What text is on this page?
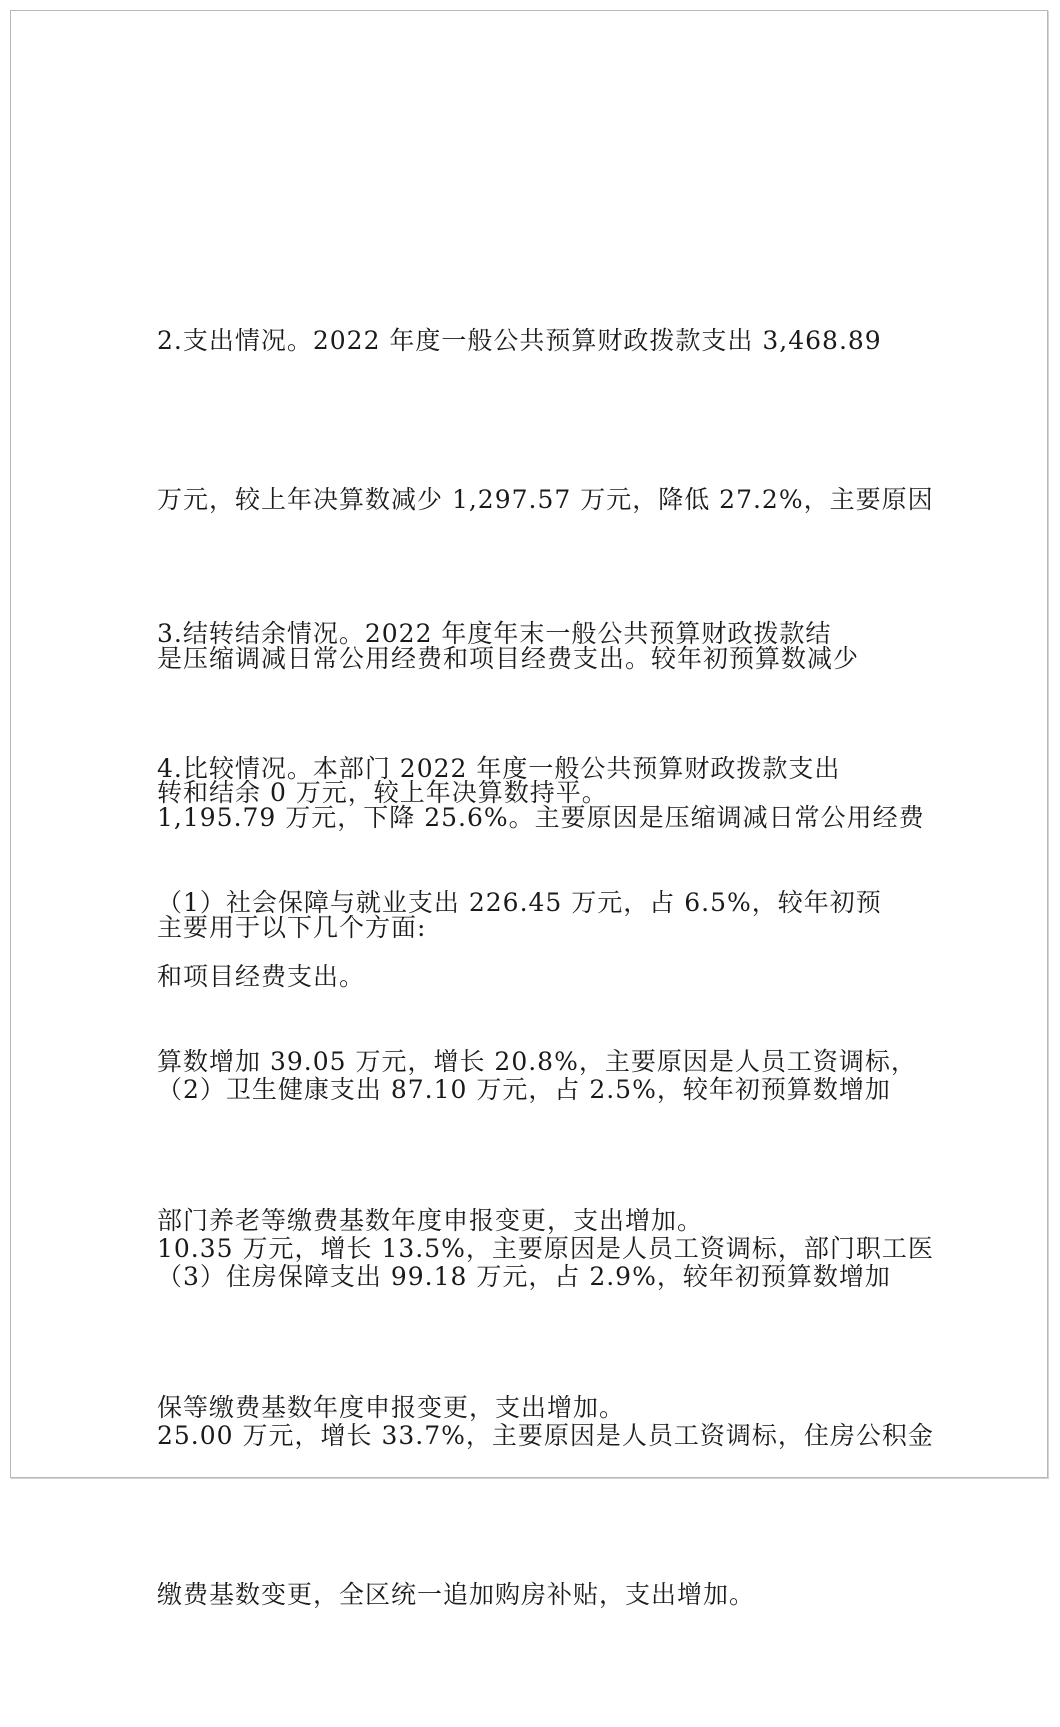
2.支出情况。2022 年度一般公共预算财政拨款支出 3,468.89

万元，较上年决算数减少 1,297.57 万元，降低 27.2%，主要原因

是压缩调减日常公用经费和项目经费支出。较年初预算数减少

1,195.79 万元，下降 25.6%。主要原因是压缩调减日常公用经费

和项目经费支出。

3.结转结余情况。2022 年度年末一般公共预算财政拨款结

转和结余 0 万元，较上年决算数持平。

4.比较情况。本部门 2022 年度一般公共预算财政拨款支出

主要用于以下几个方面:

（1）社会保障与就业支出 226.45 万元，占 6.5%，较年初预

算数增加 39.05 万元，增长 20.8%，主要原因是人员工资调标，

部门养老等缴费基数年度申报变更，支出增加。

（2）卫生健康支出 87.10 万元，占 2.5%，较年初预算数增加

10.35 万元，增长 13.5%，主要原因是人员工资调标，部门职工医

保等缴费基数年度申报变更，支出增加。

（3）住房保障支出 99.18 万元，占 2.9%，较年初预算数增加

25.00 万元，增长 33.7%，主要原因是人员工资调标，住房公积金

缴费基数变更，全区统一追加购房补贴，支出增加。
